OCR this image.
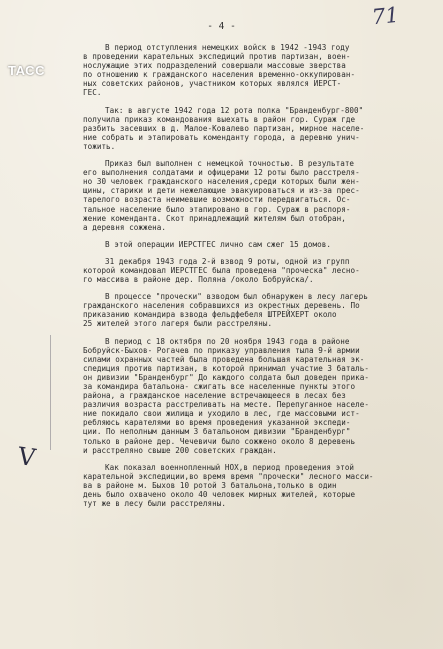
ТАСС
71
- 4 -
V

В период отступления немецких войск в 1942 -1943 году
в проведении карательных экспедиций против партизан, воен-
нослужащие этих подразделений совершали массовые зверства
по отношению к гражданского населения временно-оккупирован-
ных советских районов, участником которых являлся ИЕРСТ-
ГЕС.

Так: в августе 1942 года 12 рота полка "Бранденбург-800"
получила приказ командования выехать в район гор. Сураж где
разбить засевших в д. Малое-Ковалево партизан, мирное населе-
ние собрать и этапировать коменданту города, а деревню унич-
тожить.

Приказ был выполнен с немецкой точностью. В результате
его выполнения солдатами и офицерами 12 роты было расстреля-
но 30 человек гражданского населения,среди которых были жен-
щины, старики и дети нежелающие эвакуироваться и из-за прес-
тарелого возраста неимевшие возможности передвигаться. Ос-
тальное население было этапировано в гор. Сураж в распоря-
жение коменданта. Скот принадлежащий жителям был отобран,
а деревня сожжена.

В этой операции ИЕРСТГЕС лично сам сжег 15 домов.

31 декабря 1943 года 2-й взвод 9 роты, одной из групп
которой командовал ИЕРСТГЕС была проведена "проческа" лесно-
го массива в районе дер. Поляна /около Бобруйска/.

В процессе "прочески" взводом был обнаружен в лесу лагерь
гражданского населения собравшихся из окрестных деревень. По
приказанию командира взвода фельдфебеля ШТРЕЙХЕРТ около
25 жителей этого лагеря были расстреляны.

В период с 18 октября по 20 ноября 1943 года в районе
Бобруйск-Быхов- Рогачев по приказу управления тыла 9-й армии
силами охранных частей была проведена большая карательная эк-
спедиция против партизан, в которой принимал участие 3 баталь-
он дивизии "Бранденбург" До каждого солдата был доведен прика-
за командира батальона- сжигать все населенные пункты этого
района, а гражданское население встречающееся в лесах без
различия возраста расстреливать на месте. Перепуганное населе-
ние покидало свои жилища и уходило в лес, где массовыми ист-
ребляюсь карателями во время проведения указанной экспеди-
ции. По неполным данным 3 батальоном дивизии "Бранденбург"
только в районе дер. Чечевичи было сожжено около 8 деревень
и расстреляно свыше 200 советских граждан.

Как показал военнопленный НОХ,в период проведения этой
карательной экспедиции,во время время "прочески" лесного масси-
ва в районе м. Быхов 10 ротой 3 батальона,только в один
день было охвачено около 40 человек мирных жителей, которые
тут же в лесу были расстреляны.
